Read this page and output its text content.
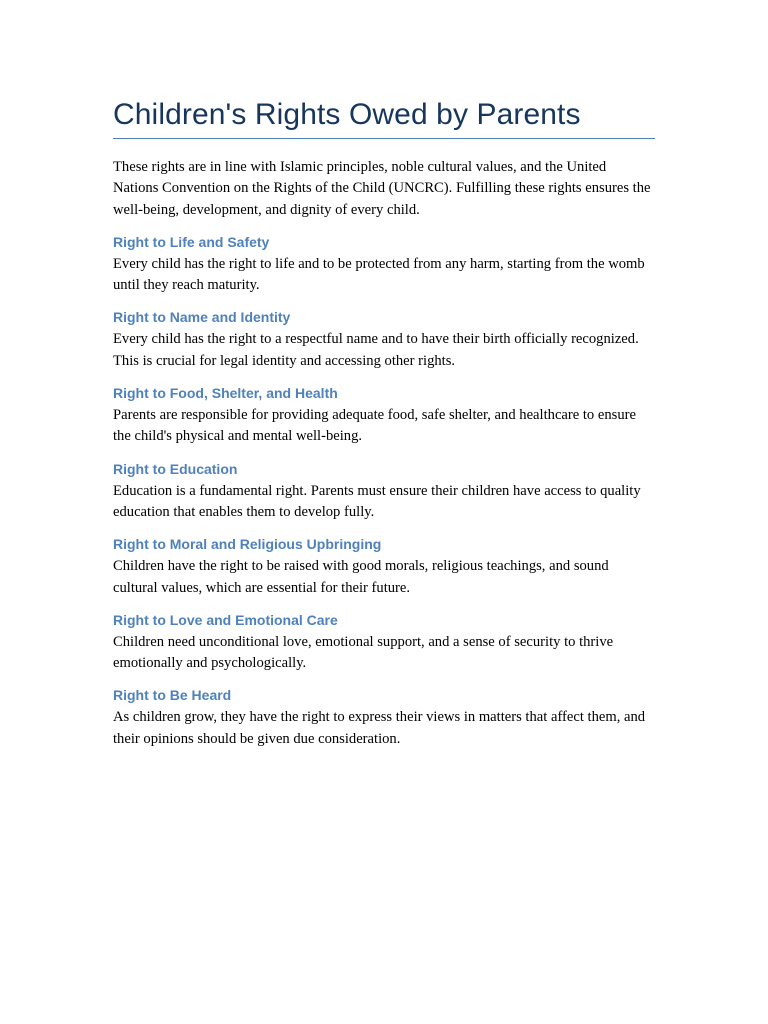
Children's Rights Owed by Parents

These rights are in line with Islamic principles, noble cultural values, and the United Nations Convention on the Rights of the Child (UNCRC). Fulfilling these rights ensures the well-being, development, and dignity of every child.

Right to Life and Safety

Every child has the right to life and to be protected from any harm, starting from the womb until they reach maturity.

Right to Name and Identity

Every child has the right to a respectful name and to have their birth officially recognized. This is crucial for legal identity and accessing other rights.

Right to Food, Shelter, and Health

Parents are responsible for providing adequate food, safe shelter, and healthcare to ensure the child's physical and mental well-being.

Right to Education

Education is a fundamental right. Parents must ensure their children have access to quality education that enables them to develop fully.

Right to Moral and Religious Upbringing

Children have the right to be raised with good morals, religious teachings, and sound cultural values, which are essential for their future.

Right to Love and Emotional Care

Children need unconditional love, emotional support, and a sense of security to thrive emotionally and psychologically.

Right to Be Heard

As children grow, they have the right to express their views in matters that affect them, and their opinions should be given due consideration.
